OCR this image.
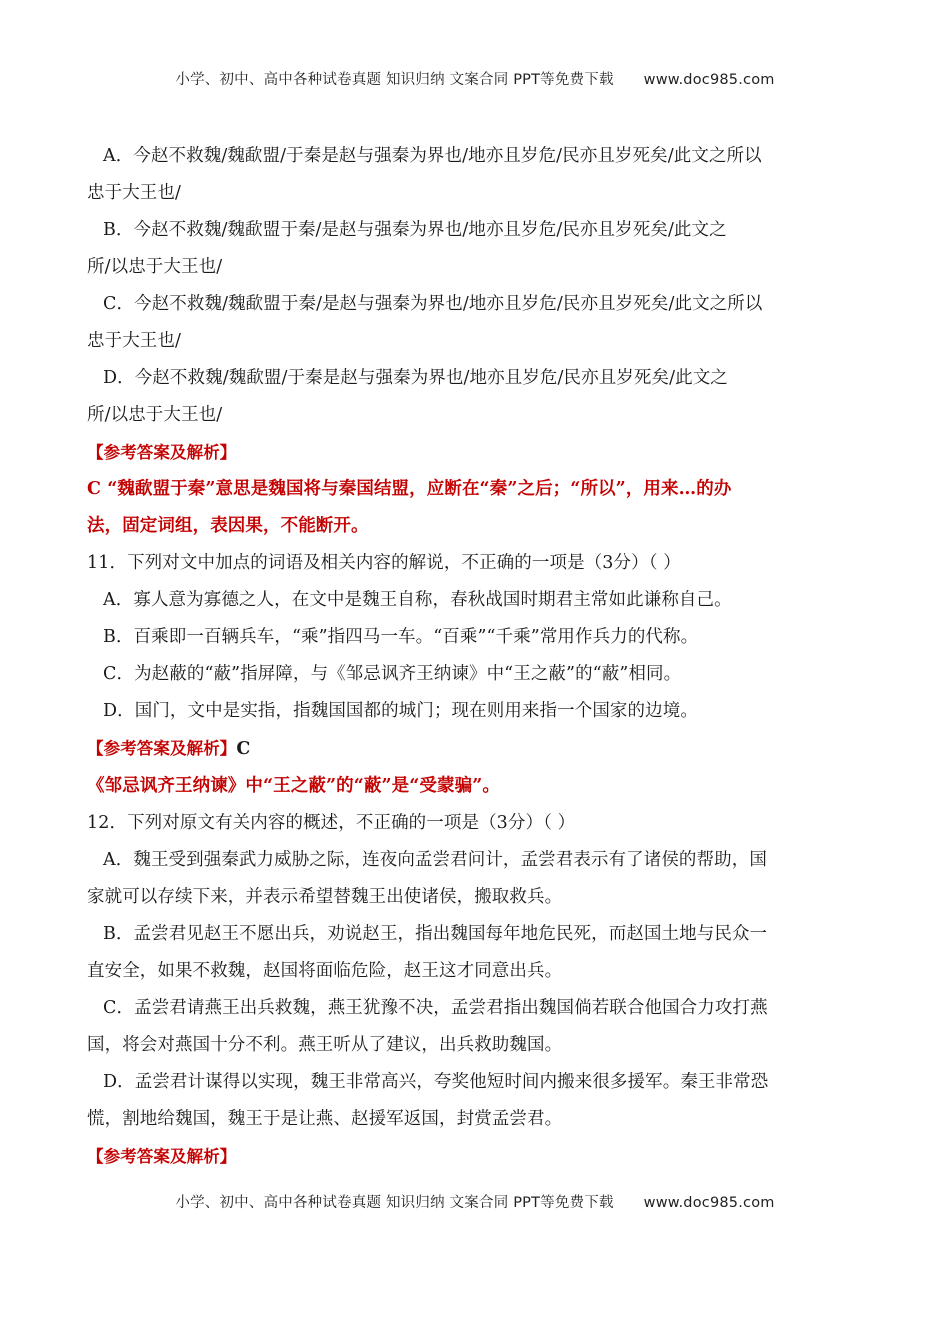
小学、初中、高中各种试卷真题 知识归纳 文案合同 PPT等免费下载 www.doc985.com
A．今赵不救魏/魏歃盟/于秦是赵与强秦为界也/地亦且岁危/民亦且岁死矣/此文之所以
忠于大王也/
B．今赵不救魏/魏歃盟于秦/是赵与强秦为界也/地亦且岁危/民亦且岁死矣/此文之
所/以忠于大王也/
C．今赵不救魏/魏歃盟于秦/是赵与强秦为界也/地亦且岁危/民亦且岁死矣/此文之所以
忠于大王也/
D．今赵不救魏/魏歃盟/于秦是赵与强秦为界也/地亦且岁危/民亦且岁死矣/此文之
所/以忠于大王也/
【参考答案及解析】
C “魏歃盟于秦”意思是魏国将与秦国结盟，应断在“秦”之后；“所以”，用来…的办
法，固定词组，表因果，不能断开。
11．下列对文中加点的词语及相关内容的解说，不正确的一项是（3分）（ ）
A．寡人意为寡德之人，在文中是魏王自称，春秋战国时期君主常如此谦称自己。
B．百乘即一百辆兵车，“乘”指四马一车。“百乘”“千乘”常用作兵力的代称。
C．为赵蔽的“蔽”指屏障，与《邹忌讽齐王纳谏》中“王之蔽”的“蔽”相同。
D．国门，文中是实指，指魏国国都的城门；现在则用来指一个国家的边境。
【参考答案及解析】C
《邹忌讽齐王纳谏》中“王之蔽”的“蔽”是“受蒙骗”。
12．下列对原文有关内容的概述，不正确的一项是（3分）（ ）
A．魏王受到强秦武力威胁之际，连夜向孟尝君问计，孟尝君表示有了诸侯的帮助，国
家就可以存续下来，并表示希望替魏王出使诸侯，搬取救兵。
B．孟尝君见赵王不愿出兵，劝说赵王，指出魏国每年地危民死，而赵国土地与民众一
直安全，如果不救魏，赵国将面临危险，赵王这才同意出兵。
C．孟尝君请燕王出兵救魏，燕王犹豫不决，孟尝君指出魏国倘若联合他国合力攻打燕
国，将会对燕国十分不利。燕王听从了建议，出兵救助魏国。
D．孟尝君计谋得以实现，魏王非常高兴，夸奖他短时间内搬来很多援军。秦王非常恐
慌，割地给魏国，魏王于是让燕、赵援军返国，封赏孟尝君。
【参考答案及解析】
小学、初中、高中各种试卷真题 知识归纳 文案合同 PPT等免费下载 www.doc985.com
